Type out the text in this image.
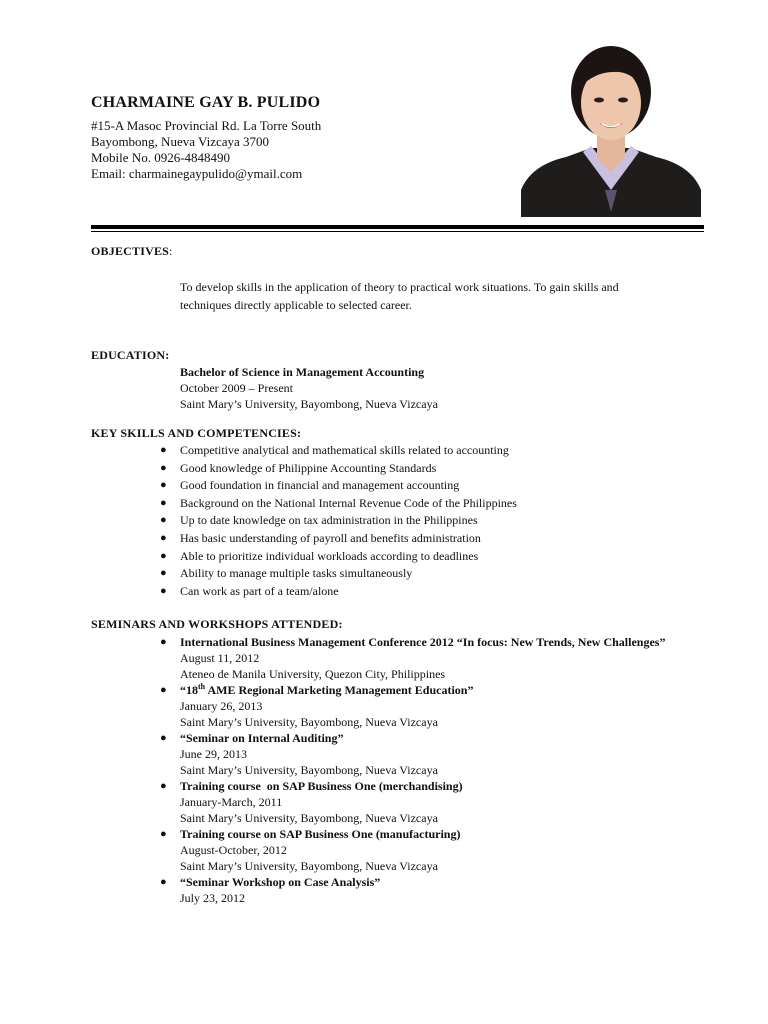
CHARMAINE GAY B. PULIDO
#15-A Masoc Provincial Rd. La Torre South
Bayombong, Nueva Vizcaya 3700
Mobile No. 0926-4848490
Email: charmainegaypulido@ymail.com
OBJECTIVES:
To develop skills in the application of theory to practical work situations. To gain skills and techniques directly applicable to selected career.
EDUCATION:
Bachelor of Science in Management Accounting
October 2009 – Present
Saint Mary’s University, Bayombong, Nueva Vizcaya
KEY SKILLS AND COMPETENCIES:
● Competitive analytical and mathematical skills related to accounting
● Good knowledge of Philippine Accounting Standards
● Good foundation in financial and management accounting
● Background on the National Internal Revenue Code of the Philippines
● Up to date knowledge on tax administration in the Philippines
● Has basic understanding of payroll and benefits administration
● Able to prioritize individual workloads according to deadlines
● Ability to manage multiple tasks simultaneously
● Can work as part of a team/alone
SEMINARS AND WORKSHOPS ATTENDED:
● International Business Management Conference 2012 “In focus: New Trends, New Challenges”
August 11, 2012
Ateneo de Manila University, Quezon City, Philippines
● “18th AME Regional Marketing Management Education”
January 26, 2013
Saint Mary’s University, Bayombong, Nueva Vizcaya
● “Seminar on Internal Auditing”
June 29, 2013
Saint Mary’s University, Bayombong, Nueva Vizcaya
● Training course  on SAP Business One (merchandising)
January-March, 2011
Saint Mary’s University, Bayombong, Nueva Vizcaya
● Training course on SAP Business One (manufacturing)
August-October, 2012
Saint Mary’s University, Bayombong, Nueva Vizcaya
● “Seminar Workshop on Case Analysis”
July 23, 2012
